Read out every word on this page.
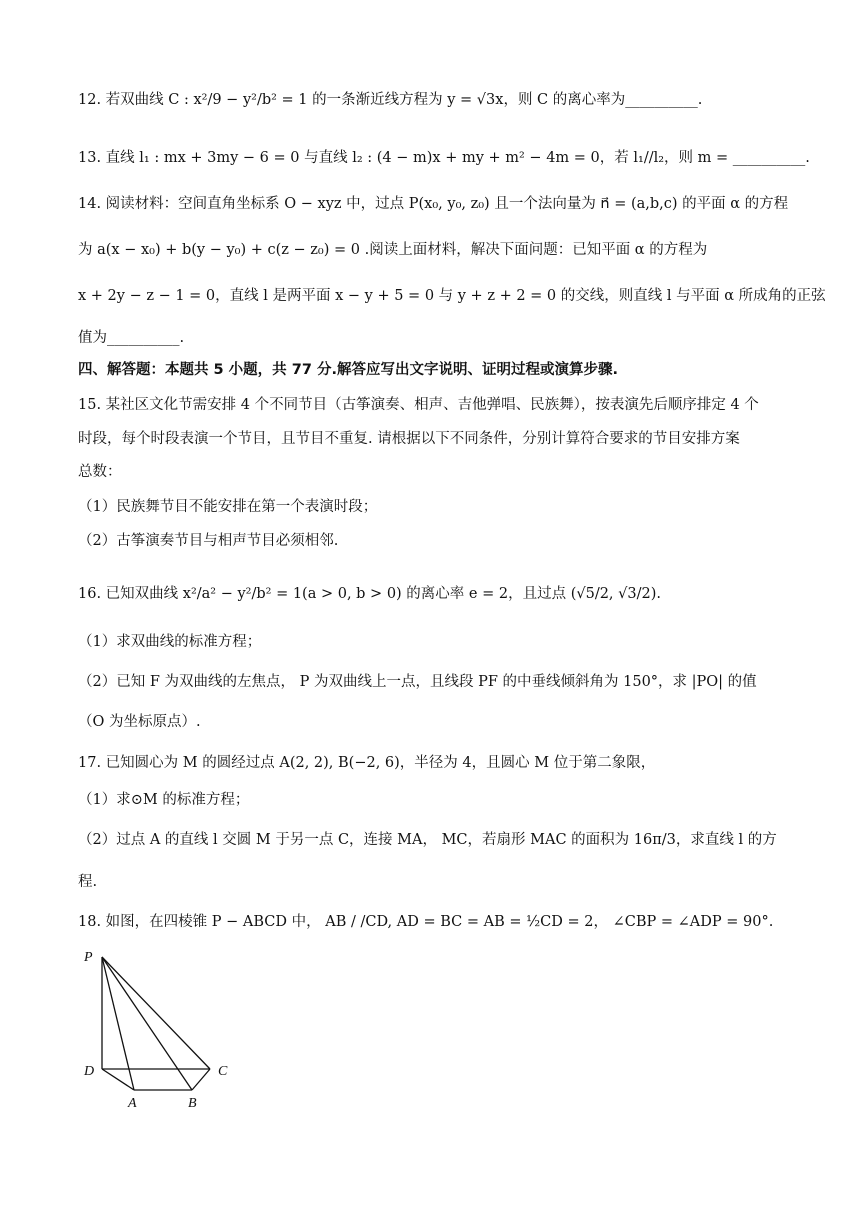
12. 若双曲线 C : x²/9 − y²/b² = 1 的一条渐近线方程为 y = √3x，则 C 的离心率为__________.
13. 直线 l₁ : mx + 3my − 6 = 0 与直线 l₂ : (4 − m)x + my + m² − 4m = 0，若 l₁//l₂，则 m = __________.
14. 阅读材料：空间直角坐标系 O − xyz 中，过点 P(x₀, y₀, z₀) 且一个法向量为 n⃗ = (a,b,c) 的平面 α 的方程
为 a(x − x₀) + b(y − y₀) + c(z − z₀) = 0 .阅读上面材料，解决下面问题：已知平面 α 的方程为
x + 2y − z − 1 = 0，直线 l 是两平面 x − y + 5 = 0 与 y + z + 2 = 0 的交线，则直线 l 与平面 α 所成角的正弦
值为__________.
四、解答题：本题共 5 小题，共 77 分.解答应写出文字说明、证明过程或演算步骤.
15. 某社区文化节需安排 4 个不同节目（古筝演奏、相声、吉他弹唱、民族舞），按表演先后顺序排定 4 个
时段，每个时段表演一个节目，且节目不重复. 请根据以下不同条件，分别计算符合要求的节目安排方案
总数：
（1）民族舞节目不能安排在第一个表演时段；
（2）古筝演奏节目与相声节目必须相邻.
16. 已知双曲线 x²/a² − y²/b² = 1(a > 0, b > 0) 的离心率 e = 2，且过点 (√5/2, √3/2).
（1）求双曲线的标准方程；
（2）已知 F 为双曲线的左焦点， P 为双曲线上一点，且线段 PF 的中垂线倾斜角为 150°，求 |PO| 的值
（O 为坐标原点）.
17. 已知圆心为 M 的圆经过点 A(2, 2), B(−2, 6)，半径为 4，且圆心 M 位于第二象限，
（1）求⊙M 的标准方程；
（2）过点 A 的直线 l 交圆 M 于另一点 C，连接 MA， MC，若扇形 MAC 的面积为 16π/3，求直线 l 的方
程.
18. 如图，在四棱锥 P − ABCD 中， AB / /CD, AD = BC = AB = ½CD = 2， ∠CBP = ∠ADP = 90°.
P
D	C
A	B
